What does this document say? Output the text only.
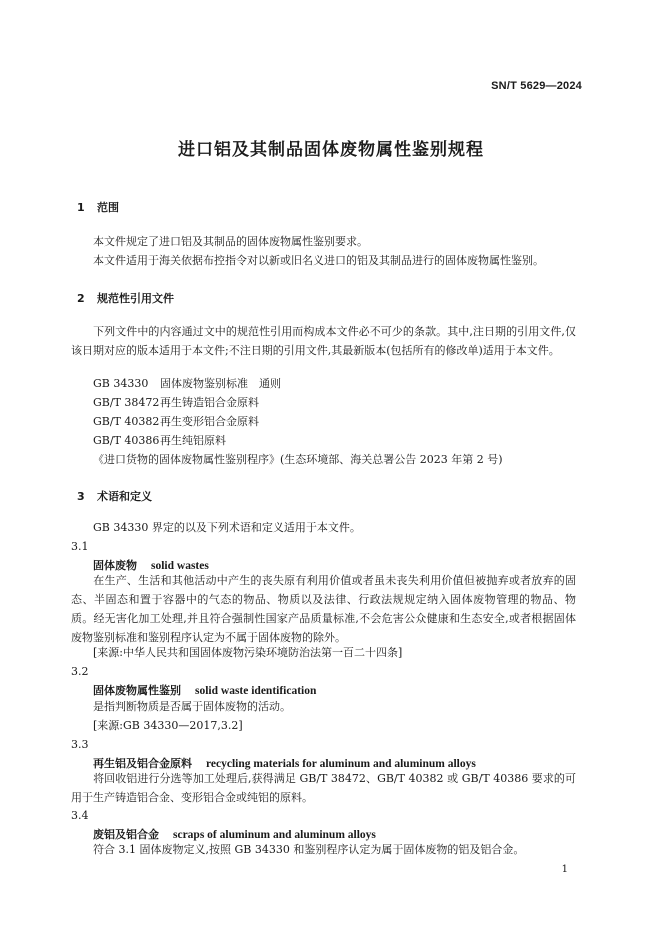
SN/T 5629—2024
进口铝及其制品固体废物属性鉴别规程
1 范围
本文件规定了进口铝及其制品的固体废物属性鉴别要求。
本文件适用于海关依据布控指令对以新或旧名义进口的铝及其制品进行的固体废物属性鉴别。
2 规范性引用文件
下列文件中的内容通过文中的规范性引用而构成本文件必不可少的条款。其中,注日期的引用文件,仅该日期对应的版本适用于本文件;不注日期的引用文件,其最新版本(包括所有的修改单)适用于本文件。
GB 34330 固体废物鉴别标准　通则
GB/T 38472再生铸造铝合金原料
GB/T 40382再生变形铝合金原料
GB/T 40386再生纯铝原料
《进口货物的固体废物属性鉴别程序》(生态环境部、海关总署公告 2023 年第 2 号)
3 术语和定义
GB 34330 界定的以及下列术语和定义适用于本文件。
3.1
固体废物 solid wastes
在生产、生活和其他活动中产生的丧失原有利用价值或者虽未丧失利用价值但被抛弃或者放弃的固态、半固态和置于容器中的气态的物品、物质以及法律、行政法规规定纳入固体废物管理的物品、物质。经无害化加工处理,并且符合强制性国家产品质量标准,不会危害公众健康和生态安全,或者根据固体废物鉴别标准和鉴别程序认定为不属于固体废物的除外。
[来源:中华人民共和国固体废物污染环境防治法第一百二十四条]
3.2
固体废物属性鉴别 solid waste identification
是指判断物质是否属于固体废物的活动。
[来源:GB 34330—2017,3.2]
3.3
再生铝及铝合金原料 recycling materials for aluminum and aluminum alloys
将回收铝进行分选等加工处理后,获得满足 GB/T 38472、GB/T 40382 或 GB/T 40386 要求的可用于生产铸造铝合金、变形铝合金或纯铝的原料。
3.4
废铝及铝合金 scraps of aluminum and aluminum alloys
符合 3.1 固体废物定义,按照 GB 34330 和鉴别程序认定为属于固体废物的铝及铝合金。
1
